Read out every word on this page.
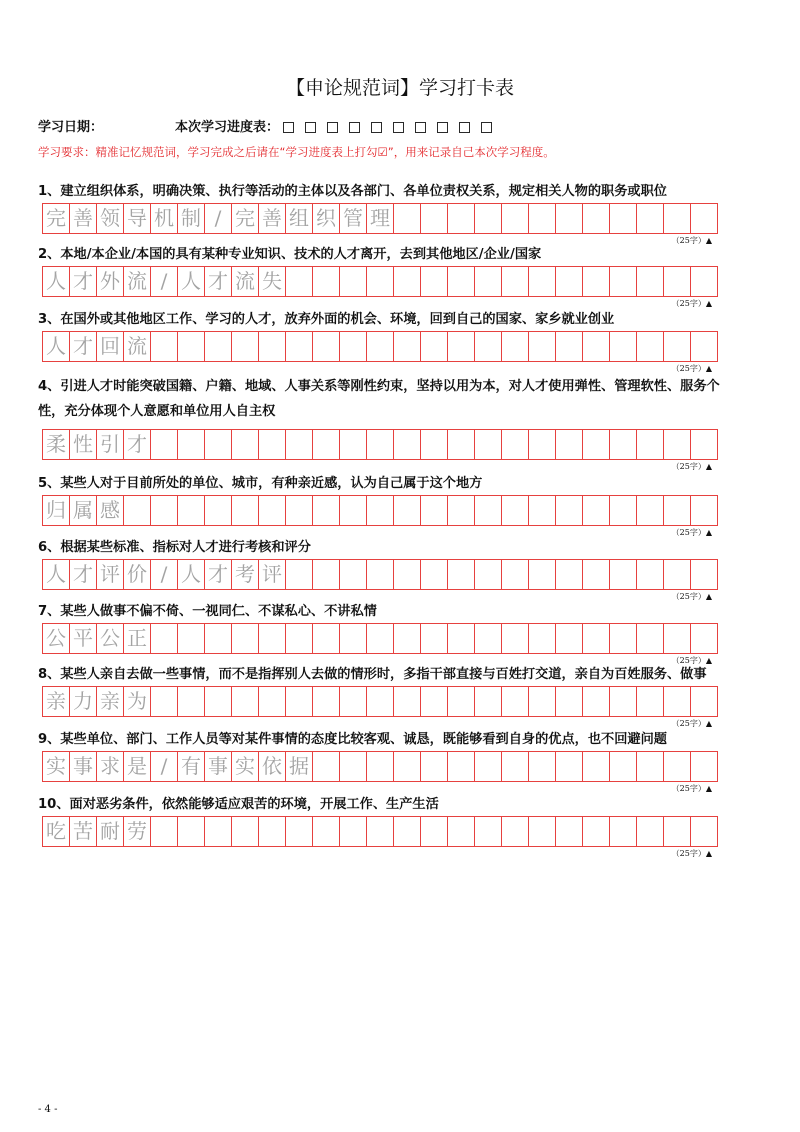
【申论规范词】学习打卡表
学习日期：	本次学习进度表：
学习要求：精准记忆规范词，学习完成之后请在“学习进度表上打勾☑”，用来记录自己本次学习程度。
1、建立组织体系，明确决策、执行等活动的主体以及各部门、各单位责权关系，规定相关人物的职务或职位
完 善 领 导 机 制 / 完 善 组 织 管 理
（25字）▲
2、本地/本企业/本国的具有某种专业知识、技术的人才离开，去到其他地区/企业/国家
人 才 外 流 / 人 才 流 失
（25字）▲
3、在国外或其他地区工作、学习的人才，放弃外面的机会、环境，回到自己的国家、家乡就业创业
人 才 回 流
（25字）▲
4、引进人才时能突破国籍、户籍、地域、人事关系等刚性约束，坚持以用为本，对人才使用弹性、管理软性、服务个性，充分体现个人意愿和单位用人自主权
柔 性 引 才
（25字）▲
5、某些人对于目前所处的单位、城市，有种亲近感，认为自己属于这个地方
归 属 感
（25字）▲
6、根据某些标准、指标对人才进行考核和评分
人 才 评 价 / 人 才 考 评
（25字）▲
7、某些人做事不偏不倚、一视同仁、不谋私心、不讲私情
公 平 公 正
（25字）▲
8、某些人亲自去做一些事情，而不是指挥别人去做的情形时，多指干部直接与百姓打交道，亲自为百姓服务、做事
亲 力 亲 为
（25字）▲
9、某些单位、部门、工作人员等对某件事情的态度比较客观、诚恳，既能够看到自身的优点，也不回避问题
实 事 求 是 / 有 事 实 依 据
（25字）▲
10、面对恶劣条件，依然能够适应艰苦的环境，开展工作、生产生活
吃 苦 耐 劳
（25字）▲
- 4 -
